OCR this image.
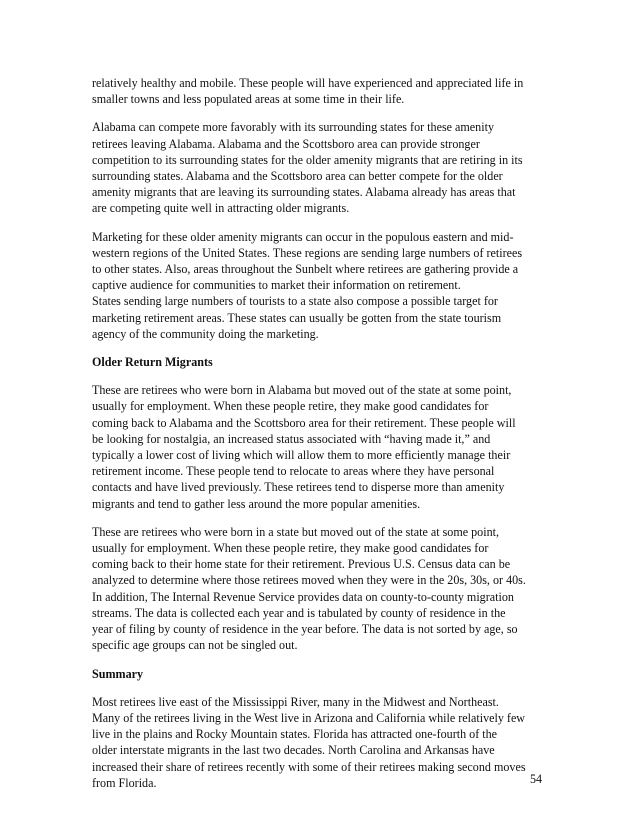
relatively healthy and mobile. These people will have experienced and appreciated life in
smaller towns and less populated areas at some time in their life.
Alabama can compete more favorably with its surrounding states for these amenity
retirees leaving Alabama. Alabama and the Scottsboro area can provide stronger
competition to its surrounding states for the older amenity migrants that are retiring in its
surrounding states. Alabama and the Scottsboro area can better compete for the older
amenity migrants that are leaving its surrounding states. Alabama already has areas that
are competing quite well in attracting older migrants.
Marketing for these older amenity migrants can occur in the populous eastern and mid-
western regions of the United States. These regions are sending large numbers of retirees
to other states. Also, areas throughout the Sunbelt where retirees are gathering provide a
captive audience for communities to market their information on retirement.
States sending large numbers of tourists to a state also compose a possible target for
marketing retirement areas. These states can usually be gotten from the state tourism
agency of the community doing the marketing.
Older Return Migrants
These are retirees who were born in Alabama but moved out of the state at some point,
usually for employment. When these people retire, they make good candidates for
coming back to Alabama and the Scottsboro area for their retirement. These people will
be looking for nostalgia, an increased status associated with “having made it,” and
typically a lower cost of living which will allow them to more efficiently manage their
retirement income. These people tend to relocate to areas where they have personal
contacts and have lived previously. These retirees tend to disperse more than amenity
migrants and tend to gather less around the more popular amenities.
These are retirees who were born in a state but moved out of the state at some point,
usually for employment. When these people retire, they make good candidates for
coming back to their home state for their retirement. Previous U.S. Census data can be
analyzed to determine where those retirees moved when they were in the 20s, 30s, or 40s.
In addition, The Internal Revenue Service provides data on county-to-county migration
streams. The data is collected each year and is tabulated by county of residence in the
year of filing by county of residence in the year before. The data is not sorted by age, so
specific age groups can not be singled out.
Summary
Most retirees live east of the Mississippi River, many in the Midwest and Northeast.
Many of the retirees living in the West live in Arizona and California while relatively few
live in the plains and Rocky Mountain states. Florida has attracted one-fourth of the
older interstate migrants in the last two decades. North Carolina and Arkansas have
increased their share of retirees recently with some of their retirees making second moves
from Florida.	54
